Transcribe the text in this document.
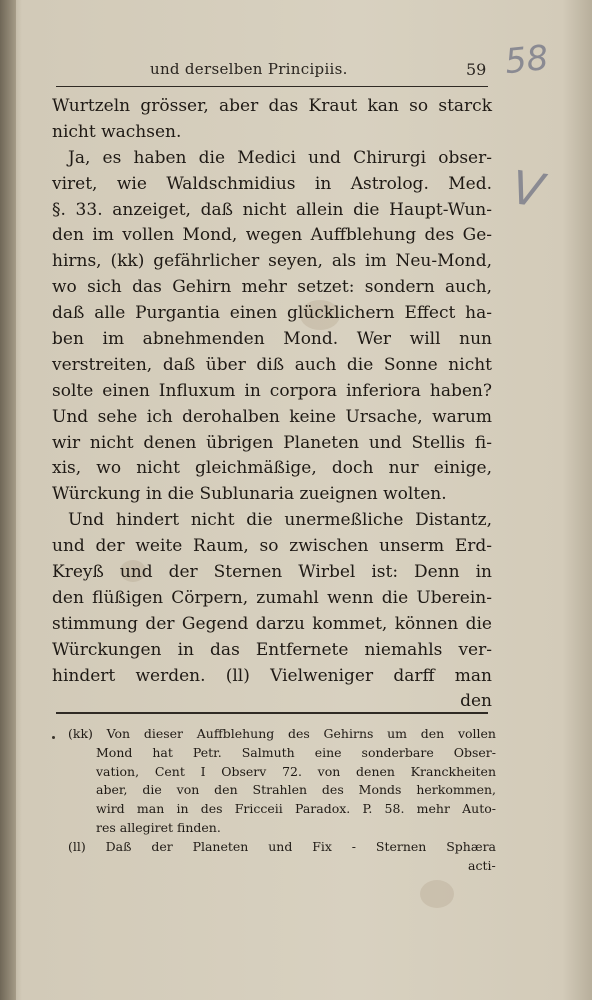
und derselben Principiis.	59 58
V
Wurtzeln grösser, aber das Kraut kan so starck
nicht wachsen.
Ja, es haben die Medici und Chirurgi obser-
viret, wie Waldschmidius in Astrolog. Med.
§. 33. anzeiget, daß nicht allein die Haupt-Wun-
den im vollen Mond, wegen Auffblehung des Ge-
hirns, (kk) gefährlicher seyen, als im Neu-Mond,
wo sich das Gehirn mehr setzet: sondern auch,
daß alle Purgantia einen glücklichern Effect ha-
ben im abnehmenden Mond. Wer will nun
verstreiten, daß über diß auch die Sonne nicht
solte einen Influxum in corpora inferiora haben?
Und sehe ich derohalben keine Ursache, warum
wir nicht denen übrigen Planeten und Stellis fi-
xis, wo nicht gleichmäßige, doch nur einige,
Würckung in die Sublunaria zueignen wolten.
Und hindert nicht die unermeßliche Distantz,
und der weite Raum, so zwischen unserm Erd-
Kreyß und der Sternen Wirbel ist: Denn in
den flüßigen Cörpern, zumahl wenn die Uberein-
stimmung der Gegend darzu kommet, können die
Würckungen in das Entfernete niemahls ver-
hindert werden. (ll) Vielweniger darff man
den
(kk) Von dieser Auffblehung des Gehirns um den vollen
Mond hat Petr. Salmuth eine sonderbare Obser-
vation, Cent I Observ 72. von denen Kranckheiten
aber, die von den Strahlen des Monds herkommen,
wird man in des Fricceii Paradox. P. 58. mehr Auto-
res allegiret finden.
(ll) Daß der Planeten und Fix - Sternen Sphæra
acti-
